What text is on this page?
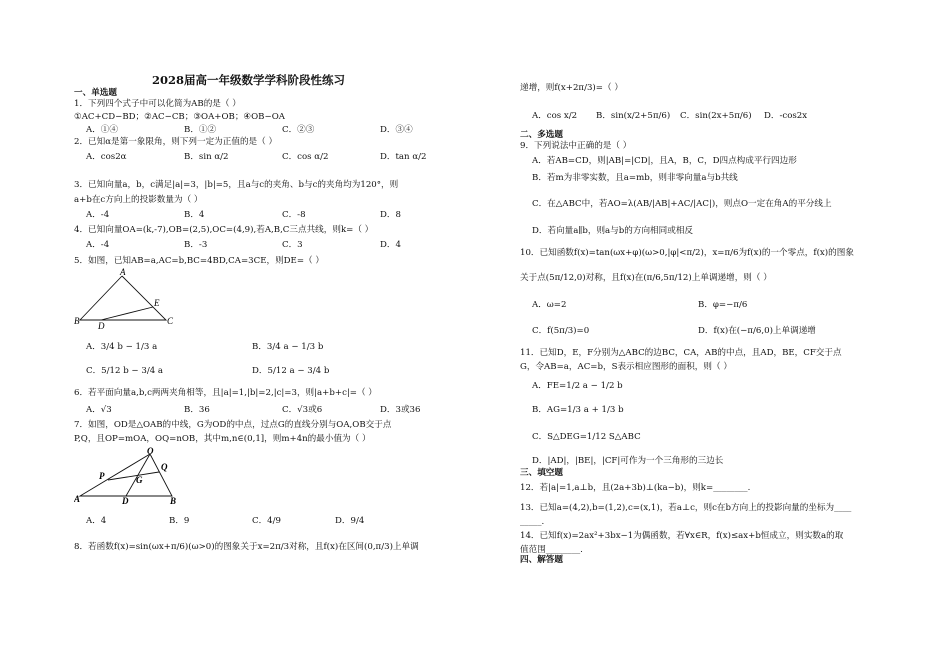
2028届高一年级数学学科阶段性练习
一、单选题
1．下列四个式子中可以化简为AB的是（ ）
①AC+CD−BD；②AC−CB；③OA+OB；④OB−OA
A．①④	B．①②	C．②③	D．③④
2．已知α是第一象限角，则下列一定为正值的是（ ）
A．cos2α	B．sin α/2	C．cos α/2	D．tan α/2
3．已知向量a，b，c满足|a|=3，|b|=5，且a与c的夹角、b与c的夹角均为120°，则
a+b在c方向上的投影数量为（ ）
A．-4	B．4	C．-8	D．8
4．已知向量OA=(k,-7),OB=(2,5),OC=(4,9),若A,B,C三点共线，则k=（ ）
A．-4	B．-3	C．3	D．4
5．如图，已知AB=a,AC=b,BC=4BD,CA=3CE，则DE=（ ）
A
B	C
D
E
A．3/4 b − 1/3 a	B．3/4 a − 1/3 b
C．5/12 b − 3/4 a	D．5/12 a − 3/4 b
6．若平面向量a,b,c两两夹角相等，且|a|=1,|b|=2,|c|=3，则|a+b+c|=（ ）
A．√3	B．36	C．√3或6	D．3或36
7．如图，OD是△OAB的中线，G为OD的中点，过点G的直线分别与OA,OB交于点
P,Q，且OP=mOA，OQ=nOB，其中m,n∈(0,1]，则m+4n的最小值为（ ）
O
P
Q
G
A	D	B
A．4	B．9	C．4/9	D．9/4
8．若函数f(x)=sin(ωx+π/6)(ω>0)的图象关于x=2π/3对称，且f(x)在区间(0,π/3)上单调
递增，则f(x+2π/3)=（ ）
A．cos x/2	B．sin(x/2+5π/6)	C．sin(2x+5π/6)	D．-cos2x
二、多选题
9．下列说法中正确的是（ ）
A．若AB=CD，则|AB|=|CD|，且A，B，C，D四点构成平行四边形
B．若m为非零实数，且a=mb，则非零向量a与b共线
C．在△ABC中，若AO=λ(AB/|AB|+AC/|AC|)，则点O一定在角A的平分线上
D．若向量a∥b，则a与b的方向相同或相反
10．已知函数f(x)=tan(ωx+φ)(ω>0,|φ|<π/2)，x=π/6为f(x)的一个零点，f(x)的图象
关于点(5π/12,0)对称，且f(x)在(π/6,5π/12)上单调递增，则（ ）
A．ω=2	B．φ=−π/6
C．f(5π/3)=0	D．f(x)在(−π/6,0)上单调递增
11．已知D，E，F分别为△ABC的边BC，CA，AB的中点，且AD，BE，CF交于点
G，令AB=a，AC=b，S表示相应图形的面积，则（ ）
A．FE=1/2 a − 1/2 b
B．AG=1/3 a + 1/3 b
C．S△DEG=1/12 S△ABC
D．|AD|，|BE|，|CF|可作为一个三角形的三边长
三、填空题
12．若|a|=1,a⊥b，且(2a+3b)⊥(ka−b)，则k=________.
13．已知a=(4,2),b=(1,2),c=(x,1)，若a⊥c，则c在b方向上的投影向量的坐标为____
_____.
14．已知f(x)=2ax²+3bx−1为偶函数，若∀x∈R，f(x)≤ax+b恒成立，则实数a的取
值范围________.
四、解答题
